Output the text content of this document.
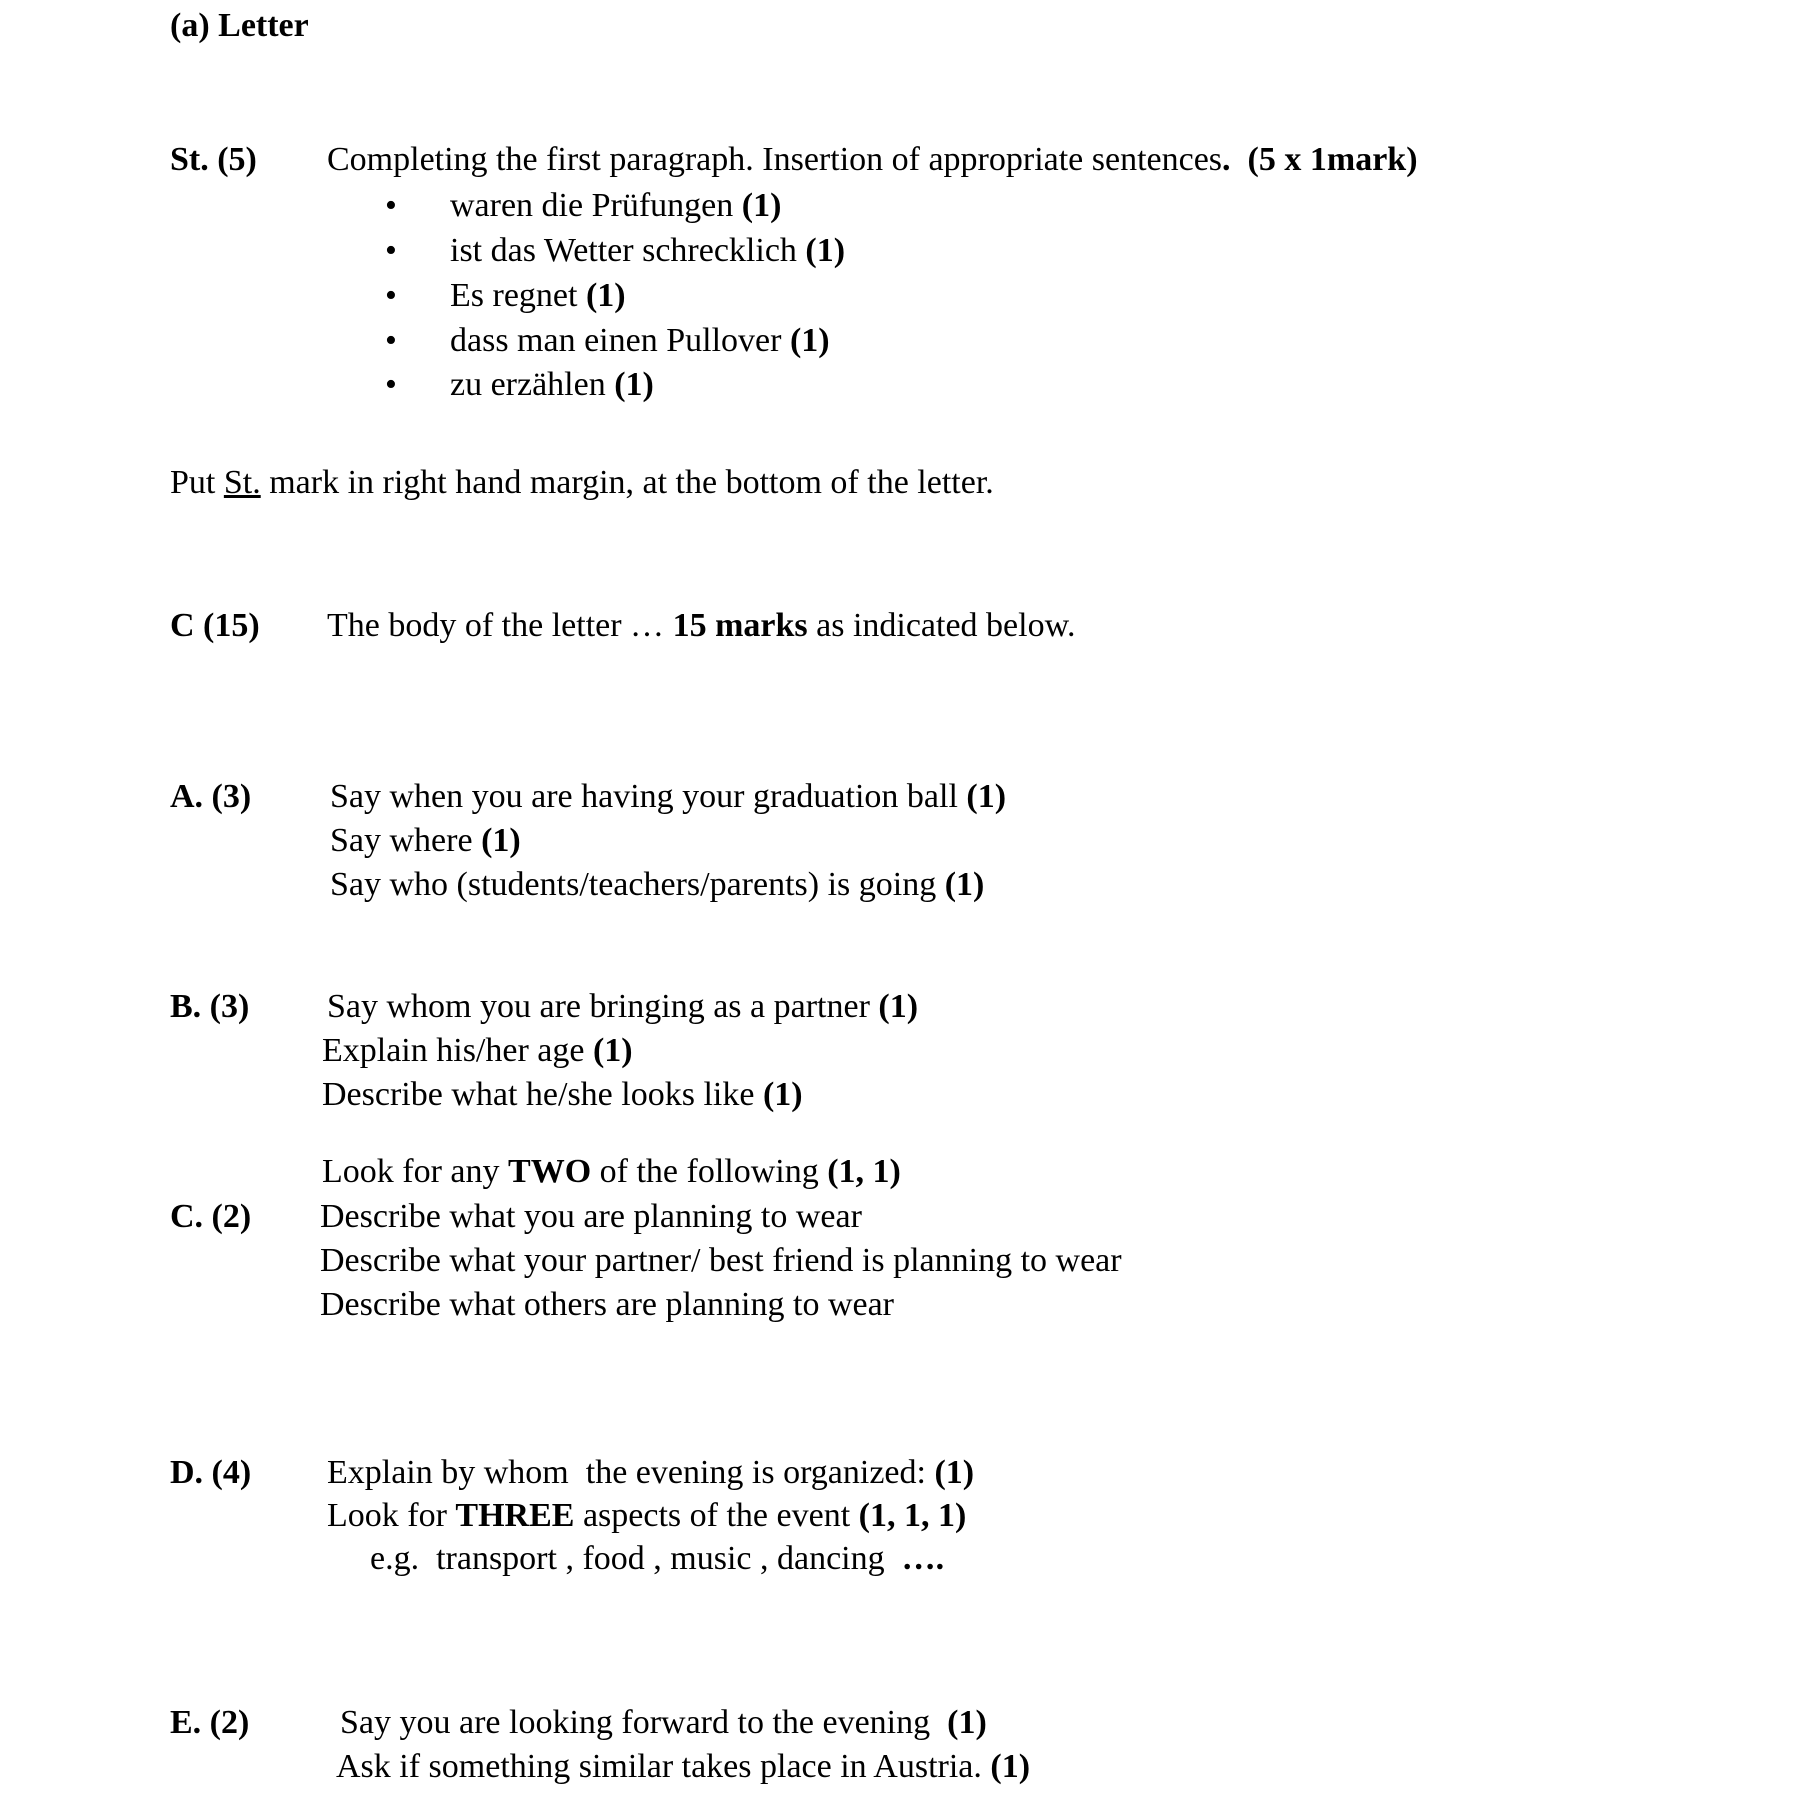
(a) Letter
St. (5) Completing the first paragraph. Insertion of appropriate sentences.  (5 x 1mark)
• waren die Prüfungen (1)
• ist das Wetter schrecklich (1)
• Es regnet (1)
• dass man einen Pullover (1)
• zu erzählen (1)
Put St. mark in right hand margin, at the bottom of the letter.
C (15) The body of the letter … 15 marks as indicated below.
A. (3) Say when you are having your graduation ball (1)
Say where (1)
Say who (students/teachers/parents) is going (1)
B. (3) Say whom you are bringing as a partner (1)
Explain his/her age (1)
Describe what he/she looks like (1)
Look for any TWO of the following (1, 1)
C. (2) Describe what you are planning to wear
Describe what your partner/ best friend is planning to wear
Describe what others are planning to wear
D. (4) Explain by whom  the evening is organized: (1)
Look for THREE aspects of the event (1, 1, 1)
e.g.  transport , food , music , dancing  ….
E. (2)	Say you are looking forward to the evening  (1)
Ask if something similar takes place in Austria. (1)
